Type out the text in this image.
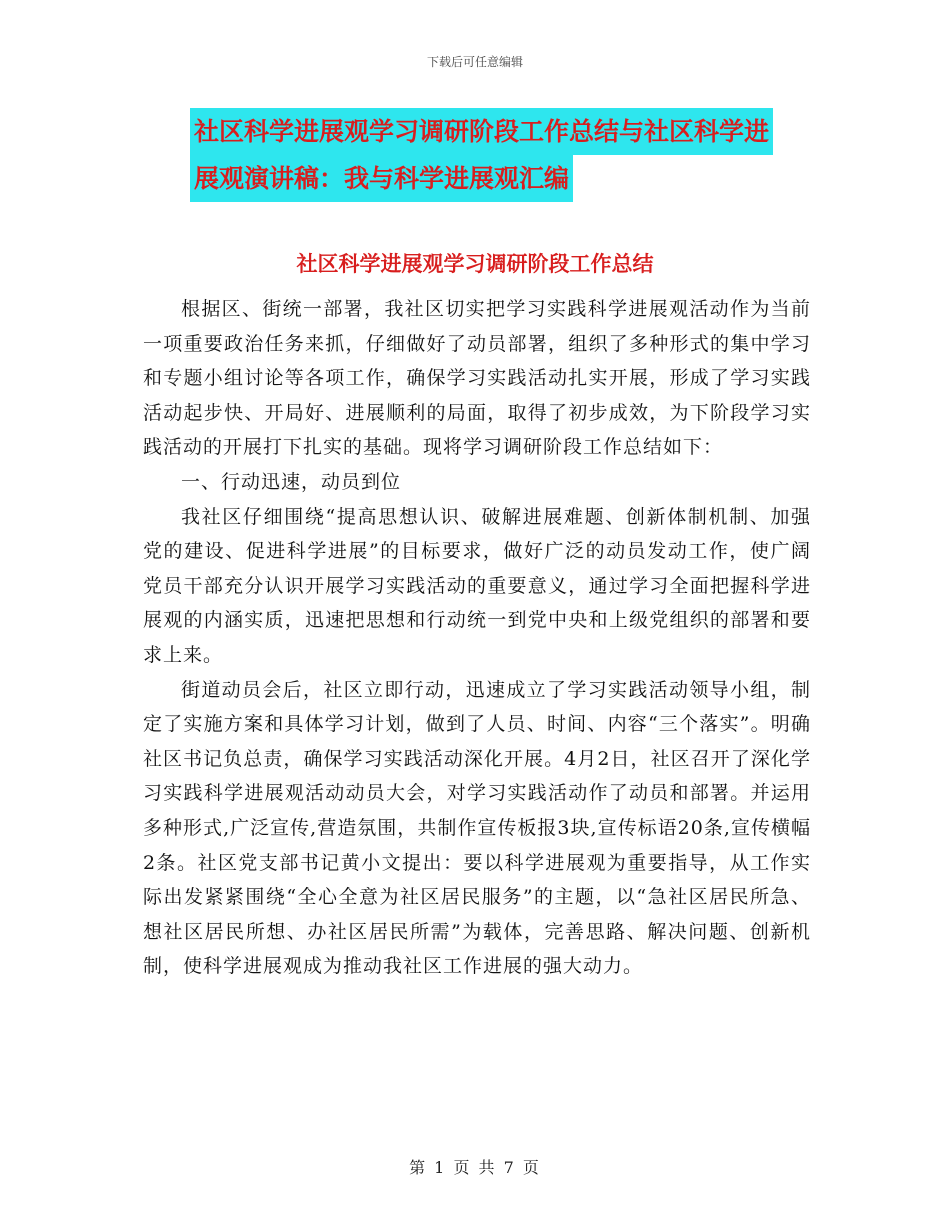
下载后可任意编辑
社区科学进展观学习调研阶段工作总结与社区科学进
展观演讲稿：我与科学进展观汇编
社区科学进展观学习调研阶段工作总结

根据区、街统一部署，我社区切实把学习实践科学进展观活动作为当前一项重要政治任务来抓，仔细做好了动员部署，组织了多种形式的集中学习和专题小组讨论等各项工作，确保学习实践活动扎实开展，形成了学习实践活动起步快、开局好、进展顺利的局面，取得了初步成效，为下阶段学习实践活动的开展打下扎实的基础。现将学习调研阶段工作总结如下：

一、行动迅速，动员到位

我社区仔细围绕“提高思想认识、破解进展难题、创新体制机制、加强党的建设、促进科学进展”的目标要求，做好广泛的动员发动工作，使广阔党员干部充分认识开展学习实践活动的重要意义，通过学习全面把握科学进展观的内涵实质，迅速把思想和行动统一到党中央和上级党组织的部署和要求上来。

街道动员会后，社区立即行动，迅速成立了学习实践活动领导小组，制定了实施方案和具体学习计划，做到了人员、时间、内容“三个落实”。明确社区书记负总责，确保学习实践活动深化开展。4月2日，社区召开了深化学习实践科学进展观活动动员大会，对学习实践活动作了动员和部署。并运用多种形式,广泛宣传,营造氛围，共制作宣传板报3块,宣传标语20条,宣传横幅2条。社区党支部书记黄小文提出：要以科学进展观为重要指导，从工作实际出发紧紧围绕“全心全意为社区居民服务”的主题，以“急社区居民所急、想社区居民所想、办社区居民所需”为载体，完善思路、解决问题、创新机制，使科学进展观成为推动我社区工作进展的强大动力。

第 1 页 共 7 页
